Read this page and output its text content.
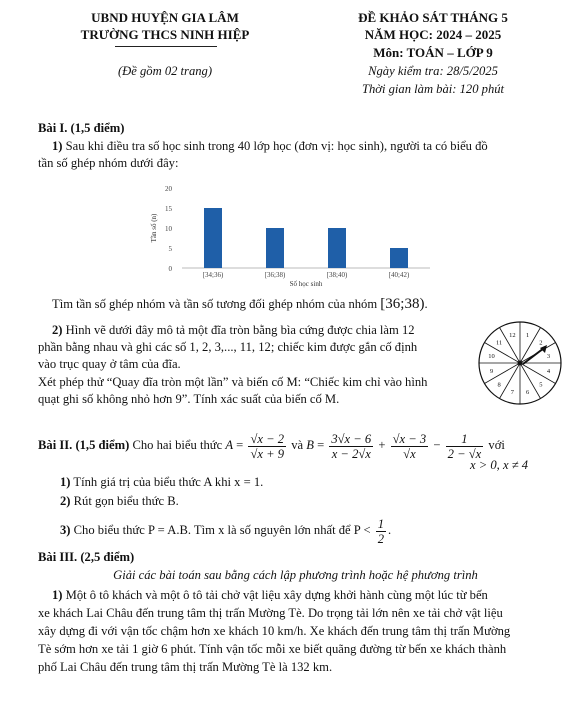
UBND HUYỆN GIA LÂM
TRƯỜNG THCS NINH HIỆP
(Đề gồm 02 trang)
ĐỀ KHẢO SÁT THÁNG 5
NĂM HỌC: 2024 – 2025
Môn: TOÁN – LỚP 9
Ngày kiểm tra: 28/5/2025
Thời gian làm bài: 120 phút
Bài I. (1,5 điểm)

1) Sau khi điều tra số học sinh trong 40 lớp học (đơn vị: học sinh), người ta có biểu đồ

tần số ghép nhóm dưới đây:

0
5
10
15
20
Tần số (n)
[34;36)	[36;38)	[38;40)	[40;42)
Số học sinh

Tìm tần số ghép nhóm và tần số tương đối ghép nhóm của nhóm [36;38).

2) Hình vẽ dưới đây mô tả một đĩa tròn bằng bìa cứng được chia làm 12

phần bằng nhau và ghi các số 1, 2, 3,..., 11, 12; chiếc kim được gắn cố định

vào trục quay ở tâm của đĩa.

Xét phép thử “Quay đĩa tròn một lần” và biến cố M: “Chiếc kim chỉ vào hình

quạt ghi số không nhỏ hơn 9”. Tính xác suất của biến cố M.

1
2
3
4
5
6
7
8
9
10
11
12

Bài II. (1,5 điểm) Cho hai biểu thức $A = \frac{√x - 2}{√x + 9}$ và $B = \frac{3√x - 6}{x - 2√x} + \frac{√x - 3}{√x} - \frac{1}{2 - √x}$ với

x > 0, x ≠ 4

1) Tính giá trị của biểu thức A khi x = 1.

2) Rút gọn biểu thức B.

3) Cho biểu thức P = A.B. Tìm x là số nguyên lớn nhất để $P < \frac{1}{2}$ .

Bài III. (2,5 điểm)
Giải các bài toán sau bằng cách lập phương trình hoặc hệ phương trình

1) Một ô tô khách và một ô tô tải chở vật liệu xây dựng khởi hành cùng một lúc từ bến

xe khách Lai Châu đến trung tâm thị trấn Mường Tè. Do trọng tải lớn nên xe tải chở vật liệu

xây dựng đi với vận tốc chậm hơn xe khách 10 km/h. Xe khách đến trung tâm thị trấn Mường

Tè sớm hơn xe tải 1 giờ 6 phút. Tính vận tốc mỗi xe biết quãng đường từ bến xe khách thành

phố Lai Châu đến trung tâm thị trấn Mường Tè là 132 km.
